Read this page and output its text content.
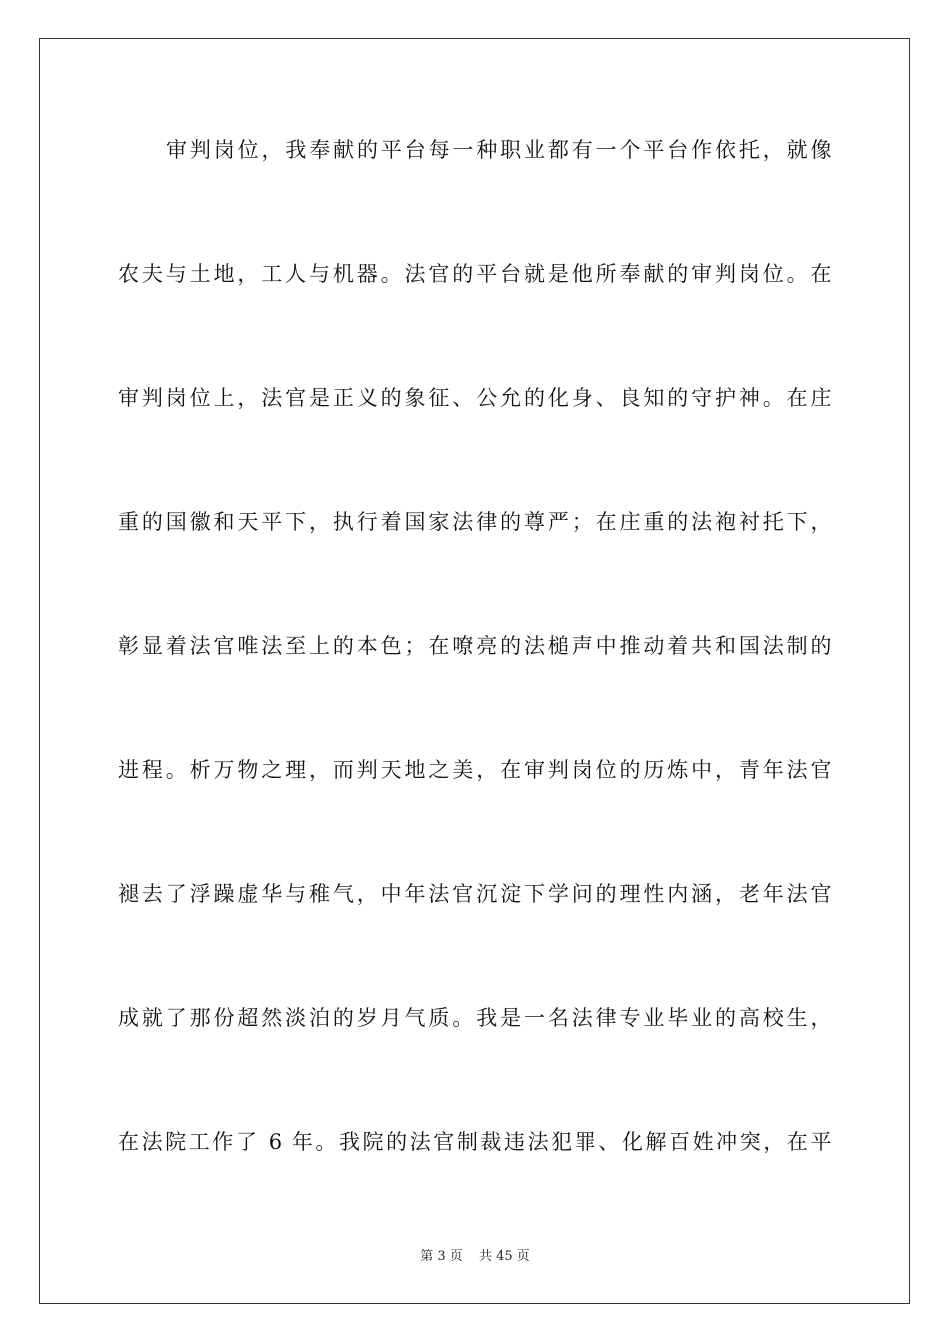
审判岗位，我奉献的平台每一种职业都有一个平台作依托，就像
农夫与土地，工人与机器。法官的平台就是他所奉献的审判岗位。在
审判岗位上，法官是正义的象征、公允的化身、良知的守护神。在庄
重的国徽和天平下，执行着国家法律的尊严；在庄重的法袍衬托下，
彰显着法官唯法至上的本色；在嘹亮的法槌声中推动着共和国法制的
进程。析万物之理，而判天地之美，在审判岗位的历炼中，青年法官
褪去了浮躁虚华与稚气，中年法官沉淀下学问的理性内涵，老年法官
成就了那份超然淡泊的岁月气质。我是一名法律专业毕业的高校生，
在法院工作了 6 年。我院的法官制裁违法犯罪、化解百姓冲突，在平
第 3 页 共 45 页
